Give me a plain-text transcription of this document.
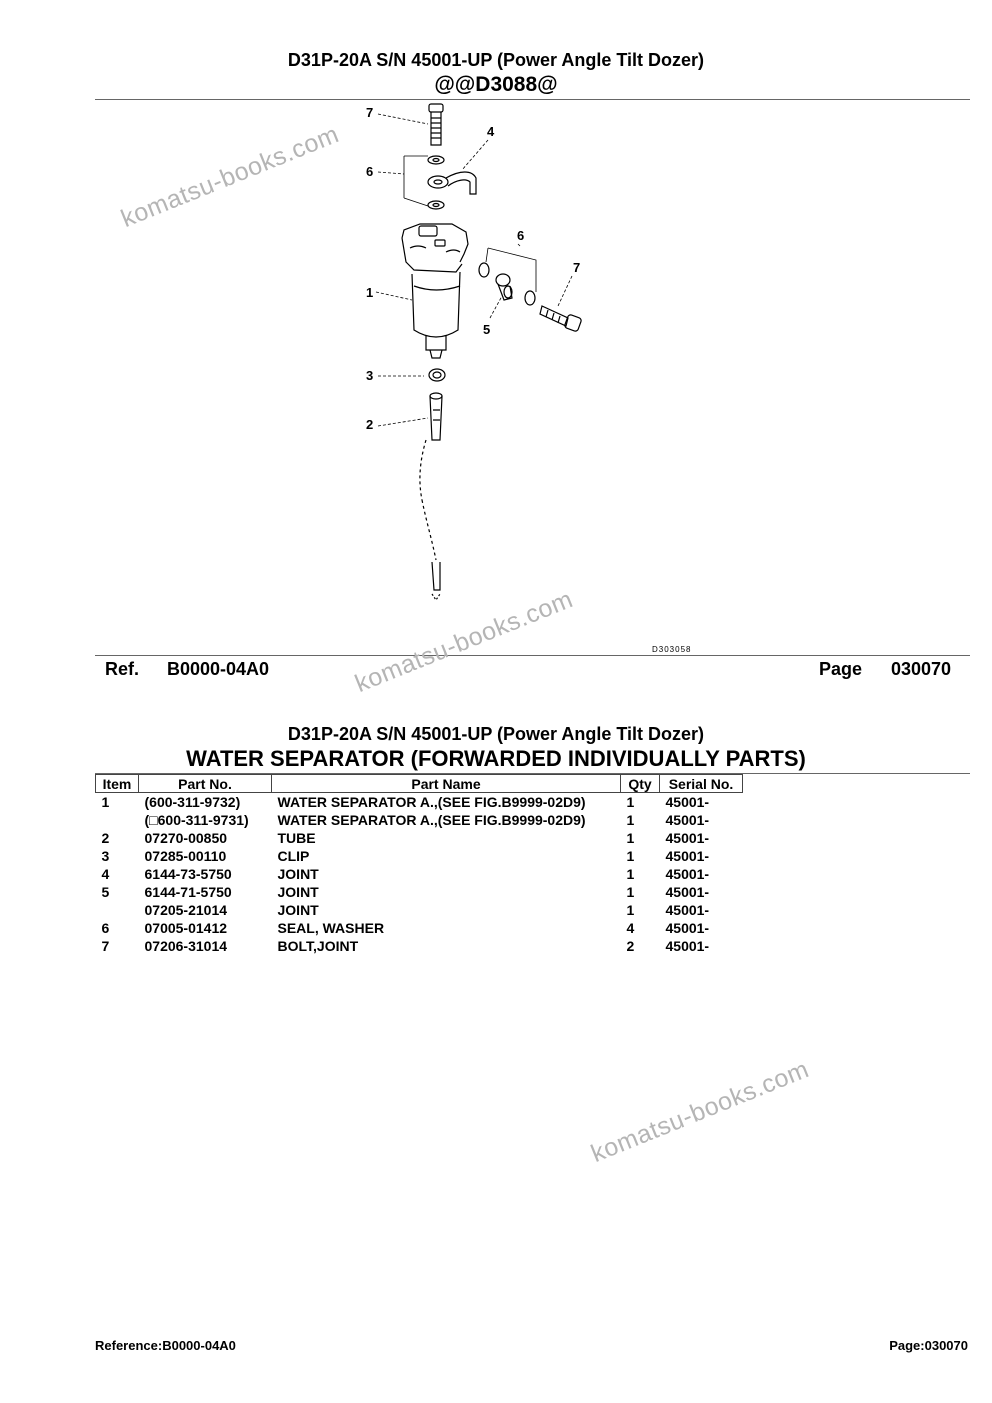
D31P-20A S/N 45001-UP (Power Angle Tilt Dozer)
@@D3088@
7
4
6
6
7
1
5
3
2
D303058
Ref. B0000-04A0	Page 030070
D31P-20A S/N 45001-UP (Power Angle Tilt Dozer)
WATER SEPARATOR (FORWARDED INDIVIDUALLY PARTS)
Item	Part No.	Part Name	Qty	Serial No.
1	(600-311-9732)	WATER SEPARATOR A.,(SEE FIG.B9999-02D9)	1	45001-
	(□600-311-9731)	WATER SEPARATOR A.,(SEE FIG.B9999-02D9)	1	45001-
2	07270-00850	TUBE	1	45001-
3	07285-00110	CLIP	1	45001-
4	6144-73-5750	JOINT	1	45001-
5	6144-71-5750	JOINT	1	45001-
	07205-21014	JOINT	1	45001-
6	07005-01412	SEAL, WASHER	4	45001-
7	07206-31014	BOLT,JOINT	2	45001-
komatsu-books.com
komatsu-books.com
komatsu-books.com
Reference:B0000-04A0	Page:030070
